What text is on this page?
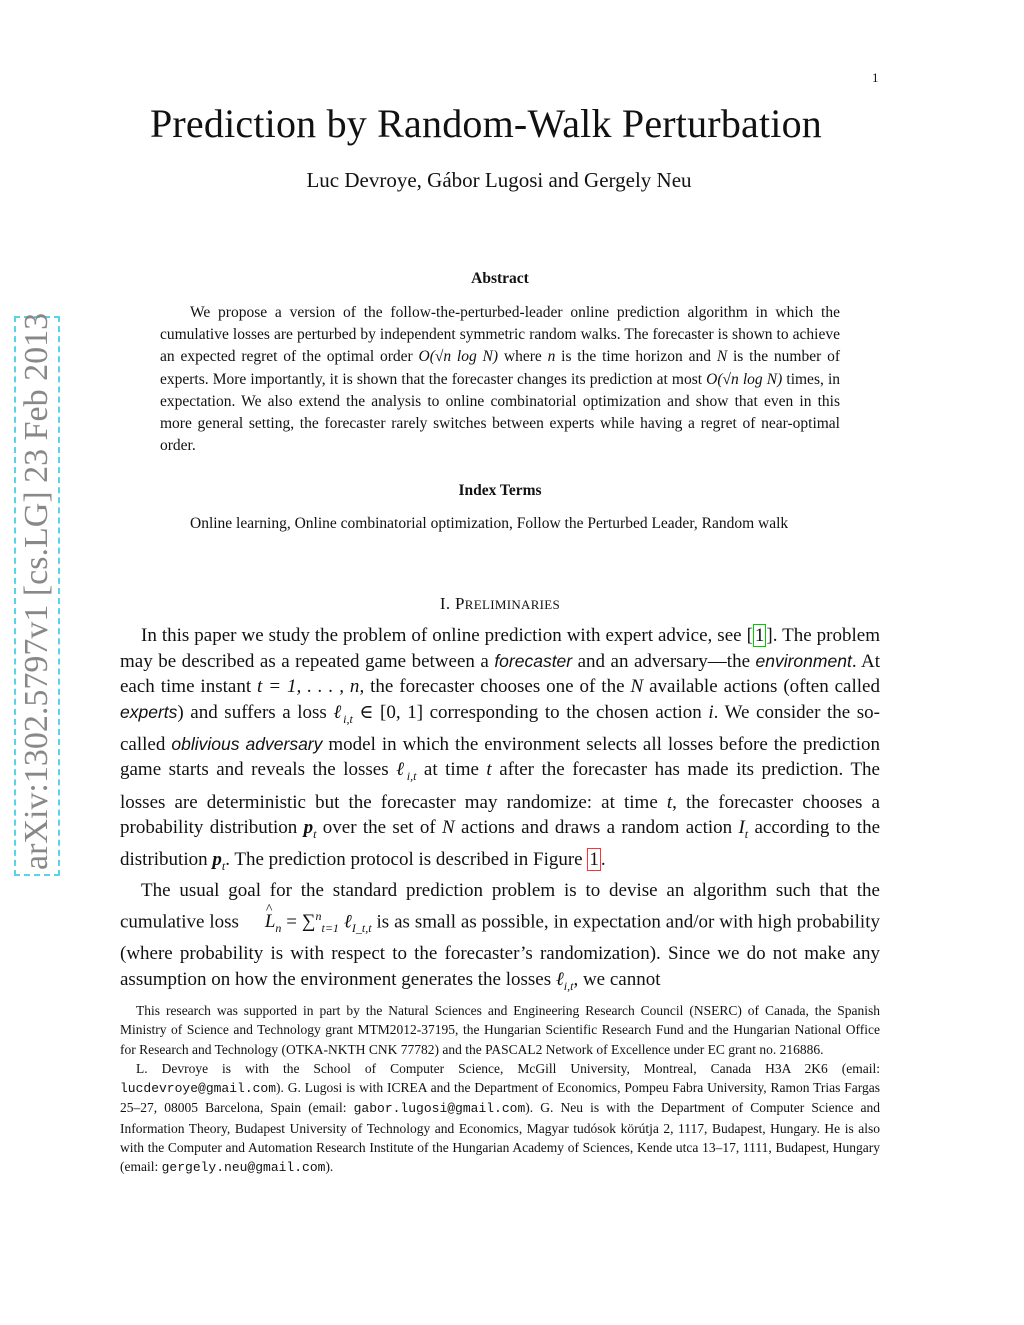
1
arXiv:1302.5797v1 [cs.LG] 23 Feb 2013
Prediction by Random-Walk Perturbation
Luc Devroye, Gábor Lugosi and Gergely Neu
Abstract

We propose a version of the follow-the-perturbed-leader online prediction algorithm in which the cumulative losses are perturbed by independent symmetric random walks. The forecaster is shown to achieve an expected regret of the optimal order O(√n log N) where n is the time horizon and N is the number of experts. More importantly, it is shown that the forecaster changes its prediction at most O(√n log N) times, in expectation. We also extend the analysis to online combinatorial optimization and show that even in this more general setting, the forecaster rarely switches between experts while having a regret of near-optimal order.

Index Terms

Online learning, Online combinatorial optimization, Follow the Perturbed Leader, Random walk

I. PRELIMINARIES

In this paper we study the problem of online prediction with expert advice, see [ 1 ]. The problem may be described as a repeated game between a forecaster and an adversary—the environment. At each time instant t = 1, . . . , n, the forecaster chooses one of the N available actions (often called experts) and suffers a loss ℓ$_{i,t}$ ∈ [0, 1] corresponding to the chosen action i. We consider the so-called oblivious adversary model in which the environment selects all losses before the prediction game starts and reveals the losses ℓ$_{i,t}$ at time t after the forecaster has made its prediction. The losses are deterministic but the forecaster may randomize: at time t, the forecaster chooses a probability distribution $p_t$ over the set of N actions and draws a random action $I_t$ according to the distribution $p_t$. The prediction protocol is described in Figure 1 .

The usual goal for the standard prediction problem is to devise an algorithm such that the cumulative loss ^ $L_n = \sum^n_{t=1}$ ℓ$_{I\_t,t}$ is as small as possible, in expectation and/or with high probability (where probability is with respect to the forecaster’s randomization). Since we do not make any assumption on how the environment generates the losses ℓ$_{i,t}$, we cannot

This research was supported in part by the Natural Sciences and Engineering Research Council (NSERC) of Canada, the Spanish Ministry of Science and Technology grant MTM2012-37195, the Hungarian Scientific Research Fund and the Hungarian National Office for Research and Technology (OTKA-NKTH CNK 77782) and the PASCAL2 Network of Excellence under EC grant no. 216886.

L. Devroye is with the School of Computer Science, McGill University, Montreal, Canada H3A 2K6 (email: lucdevroye@gmail.com). G. Lugosi is with ICREA and the Department of Economics, Pompeu Fabra University, Ramon Trias Fargas 25–27, 08005 Barcelona, Spain (email: gabor.lugosi@gmail.com). G. Neu is with the Department of Computer Science and Information Theory, Budapest University of Technology and Economics, Magyar tudósok körútja 2, 1117, Budapest, Hungary. He is also with the Computer and Automation Research Institute of the Hungarian Academy of Sciences, Kende utca 13–17, 1111, Budapest, Hungary (email: gergely.neu@gmail.com).
